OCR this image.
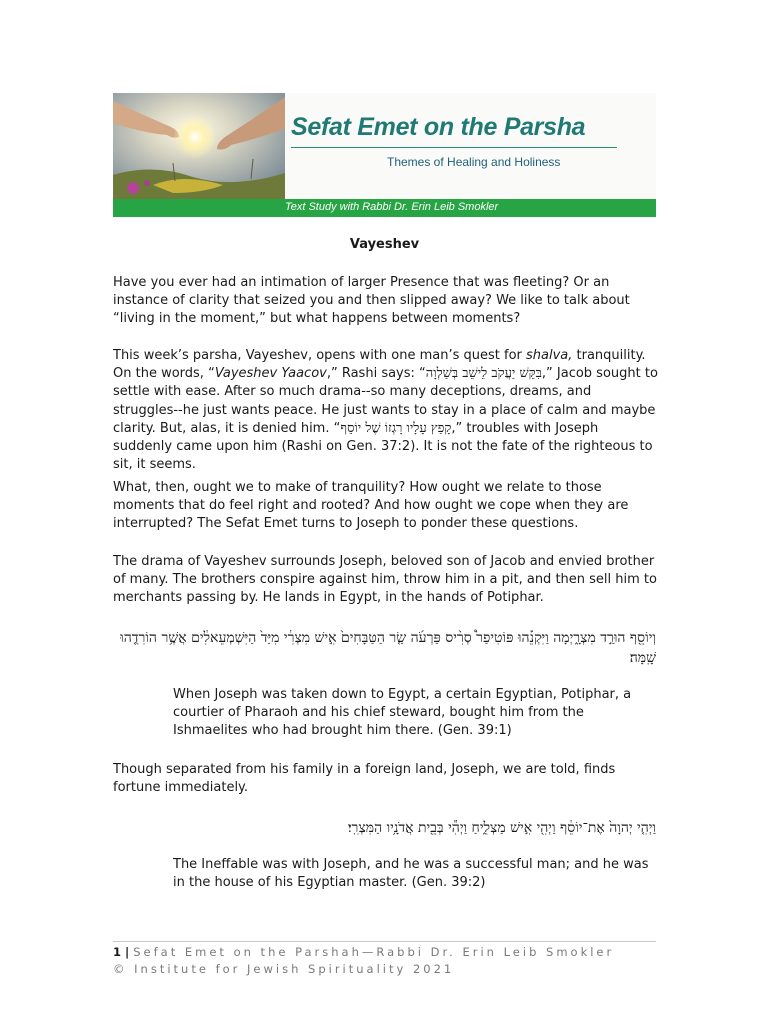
Sefat Emet on the Parsha
Themes of Healing and Holiness
Text Study with Rabbi Dr. Erin Leib Smokler
Vayeshev

Have you ever had an intimation of larger Presence that was fleeting? Or an instance of clarity that seized you and then slipped away? We like to talk about “living in the moment,” but what happens between moments?

This week’s parsha, Vayeshev, opens with one man’s quest for shalva, tranquility. On the words, “Vayeshev Yaacov,” Rashi says: “בִּקֵּשׁ יַעֲקֹב לֵישֵׁב בְּשַׁלְוָה,” Jacob sought to settle with ease. After so much drama--so many deceptions, dreams, and struggles--he just wants peace. He just wants to stay in a place of calm and maybe clarity. But, alas, it is denied him. “קָפַץ עָלָיו רָגְזוֹ שֶׁל יוֹסֵף,” troubles with Joseph suddenly came upon him (Rashi on Gen. 37:2). It is not the fate of the righteous to sit, it seems.

What, then, ought we to make of tranquility? How ought we relate to those moments that do feel right and rooted? And how ought we cope when they are interrupted? The Sefat Emet turns to Joseph to ponder these questions.

The drama of Vayeshev surrounds Joseph, beloved son of Jacob and envied brother of many. The brothers conspire against him, throw him in a pit, and then sell him to merchants passing by. He lands in Egypt, in the hands of Potiphar.

וְיוֹסֵ֖ף הוּרַ֣ד מִצְרָ֑יְמָה וַיִּקְנֵ֡הוּ פּוֹטִיפַר֩ סְרִ֨יס פַּרְעֹ֜ה שַׂ֤ר הַטַּבָּחִים֙ אִ֣ישׁ מִצְרִ֔י מִיַּד֙ הַיִּשְׁמְעֵאלִ֔ים אֲשֶׁ֥ר הוֹרִדֻ֖הוּ שָֽׁמָּה׃

When Joseph was taken down to Egypt, a certain Egyptian, Potiphar, a courtier of Pharaoh and his chief steward, bought him from the Ishmaelites who had brought him there. (Gen. 39:1)

Though separated from his family in a foreign land, Joseph, we are told, finds fortune immediately.

וַיְהִ֤י יְהוָה֙ אֶת־יוֹסֵ֔ף וַיְהִ֖י אִ֣ישׁ מַצְלִ֑יחַ וַיְהִ֕י בְּבֵ֖ית אֲדֹנָ֥יו הַמִּצְרִֽי׃

The Ineffable was with Joseph, and he was a successful man; and he was in the house of his Egyptian master. (Gen. 39:2)

1 | Sefat Emet on the Parshah—Rabbi Dr. Erin Leib Smokler
© Institute for Jewish Spirituality 2021
